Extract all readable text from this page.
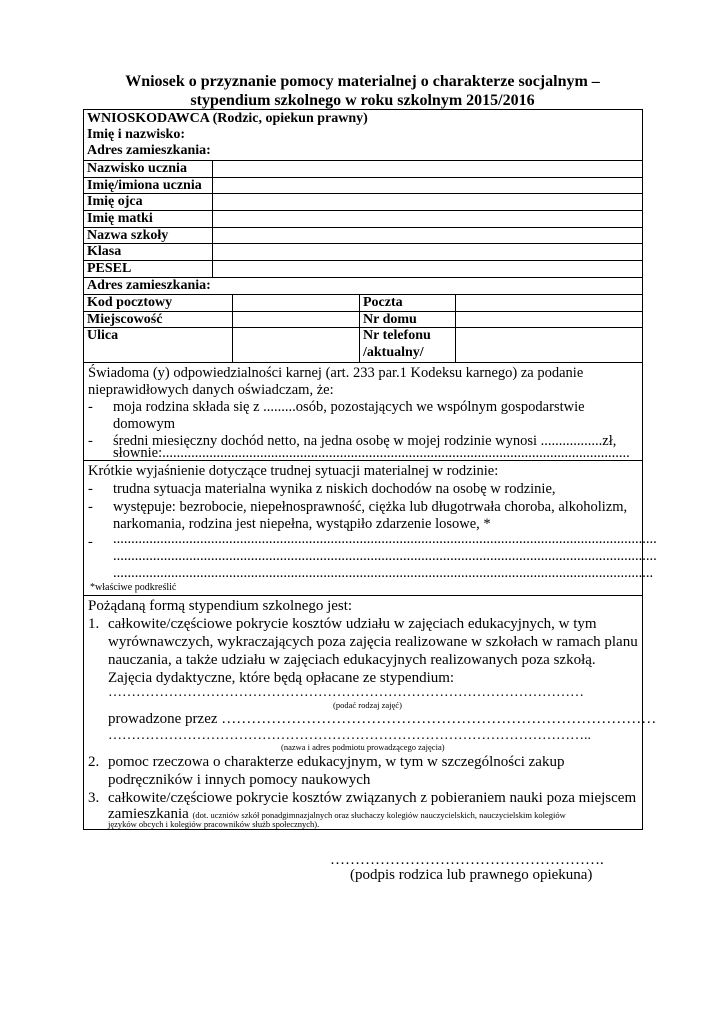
Wniosek o przyznanie pomocy materialnej o charakterze socjalnym –
stypendium szkolnego w roku szkolnym 2015/2016
WNIOSKODAWCA (Rodzic, opiekun prawny)
Imię i nazwisko:
Adres zamieszkania:
Nazwisko ucznia
Imię/imiona ucznia
Imię ojca
Imię matki
Nazwa szkoły
Klasa
PESEL
Adres zamieszkania:
Kod pocztowy	Poczta
Miejscowość	Nr domu
Ulica	Nr telefonu
/aktualny/
Świadoma (y) odpowiedzialności karnej (art. 233 par.1 Kodeksu karnego) za podanie
nieprawidłowych danych oświadczam, że:
- moja rodzina składa się z .........osób, pozostających we wspólnym gospodarstwie
domowym
- średni miesięczny dochód netto, na jedna osobę w mojej rodzinie wynosi .................zł,
słownie:.................................................................................................................................
Krótkie wyjaśnienie dotyczące trudnej sytuacji materialnej w rodzinie:
- trudna sytuacja materialna wynika z niskich dochodów na osobę w rodzinie,
- występuje: bezrobocie, niepełnosprawność, ciężka lub długotrwała choroba, alkoholizm,
narkomania, rodzina jest niepełna, wystąpiło zdarzenie losowe, *
- ......................................................................................................................................................
......................................................................................................................................................
.....................................................................................................................................................
*właściwe podkreślić
Pożądaną formą stypendium szkolnego jest:
1. całkowite/częściowe pokrycie kosztów udziału w zajęciach edukacyjnych, w tym
wyrównawczych, wykraczających poza zajęcia realizowane w szkołach w ramach planu
nauczania, a także udziału w zajęciach edukacyjnych realizowanych poza szkołą.
Zajęcia dydaktyczne, które będą opłacane ze stypendium:
…………………………………………………………………………………………
(podać rodzaj zajęć)
prowadzone przez ……………………………………………………………………………
…………………………………………………………………………………………..
(nazwa i adres podmiotu prowadzącego zajęcia)
2. pomoc rzeczowa o charakterze edukacyjnym, w tym w szczególności zakup
podręczników i innych pomocy naukowych
3. całkowite/częściowe pokrycie kosztów związanych z pobieraniem nauki poza miejscem
zamieszkania (dot. uczniów szkół ponadgimnazjalnych oraz słuchaczy kolegiów nauczycielskich, nauczycielskim kolegiów
języków obcych i kolegiów pracowników służb społecznych).
……………………………………………….
(podpis rodzica lub prawnego opiekuna)
